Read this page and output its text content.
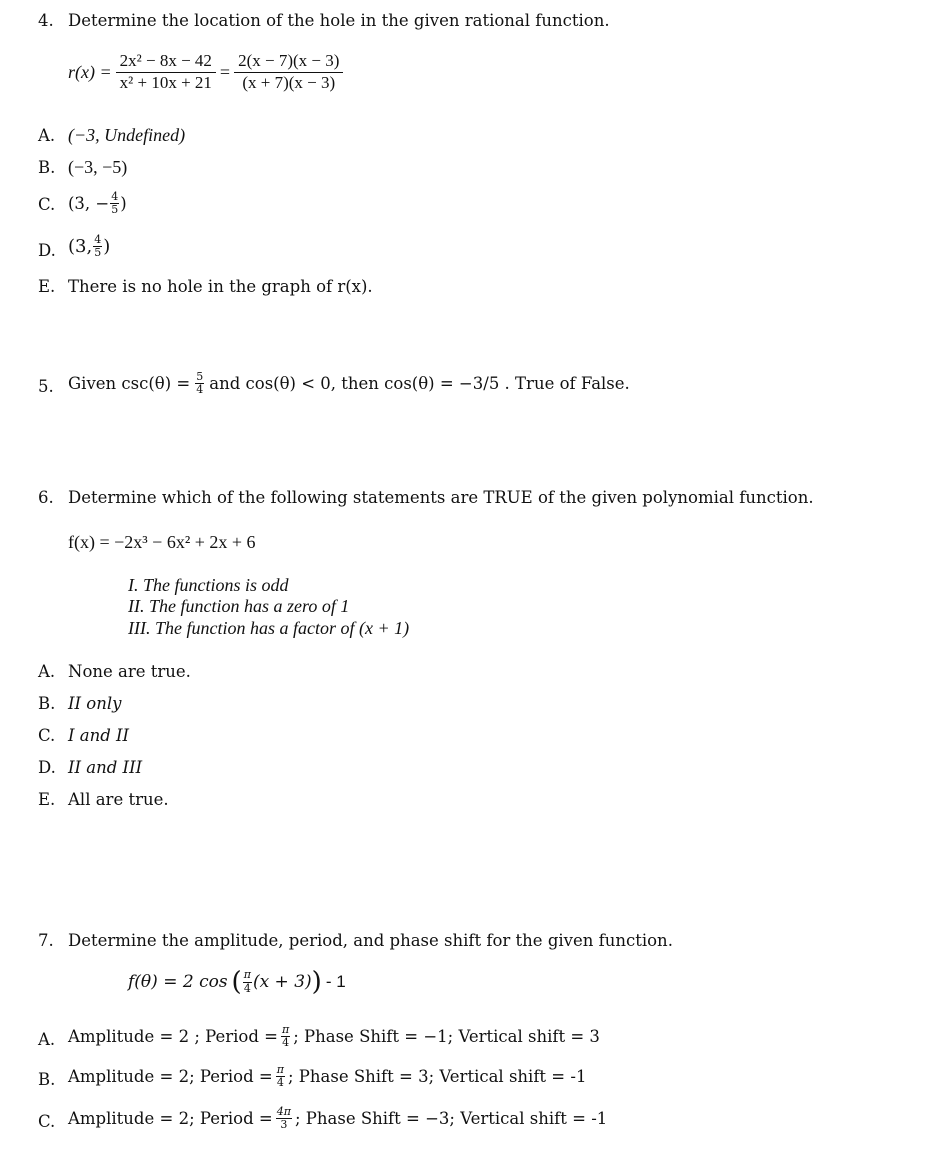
4. Determine the location of the hole in the given rational function.
$r(x) = \frac{\text{2x² − 8x − 42}}{\text{x² + 10x + 21}} = \frac{2(x - 7)(x - 3)}{(x + 7)(x - 3)}$
A. (−3, Undefined)
B. (−3, −5)
C. (3, − $\frac{4}{5}$ )
D. (3, 4
5 )
E. There is no hole in the graph of r(x).
5. Given $\csc(\theta) = \frac{5}{4}$ and cos(θ) < 0, then cos(θ) = −3/5 . True of False.
6. Determine which of the following statements are TRUE of the given polynomial function.
f(x) = −2x³ − 6x² + 2x + 6
I. The functions is odd
II. The function has a zero of 1
III. The function has a factor of (x + 1)
A. None are true.
B. II only
C. I and II
D. II and III
E. All are true.
7. Determine the amplitude, period, and phase shift for the given function.
f(θ) = 2 cos ( π
4 (x + 3) ) - 1
A. Amplitude = 2 ; Period = $\frac{\pi}{4}$ ; Phase Shift = −1; Vertical shift = 3
B. Amplitude = 2; Period = $\frac{\pi}{4}$ ; Phase Shift = 3; Vertical shift = -1
C. Amplitude = 2; Period = $\frac{4\pi}{3}$ ; Phase Shift = −3; Vertical shift = -1
